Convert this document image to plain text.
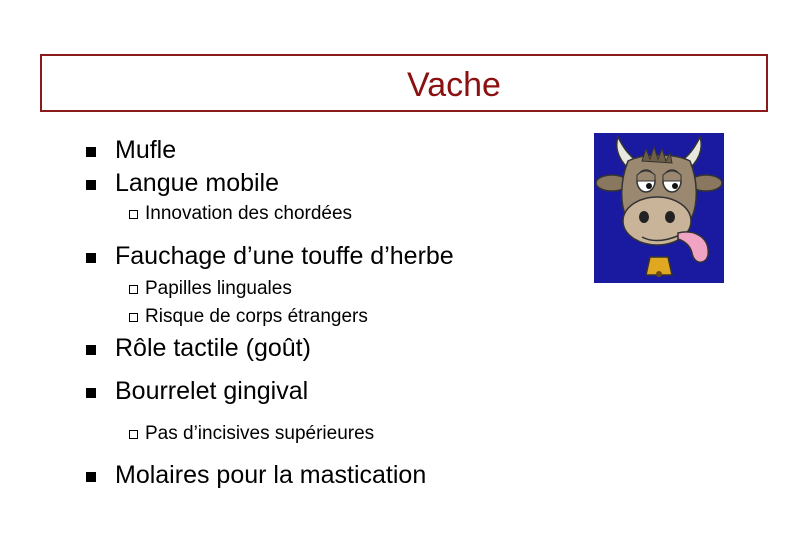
Vache
Mufle
Langue mobile
Innovation des chordées
Fauchage d’une touffe d’herbe
Papilles linguales
Risque de corps étrangers
Rôle tactile (goût)
Bourrelet gingival
Pas d’incisives supérieures
Molaires pour la mastication
